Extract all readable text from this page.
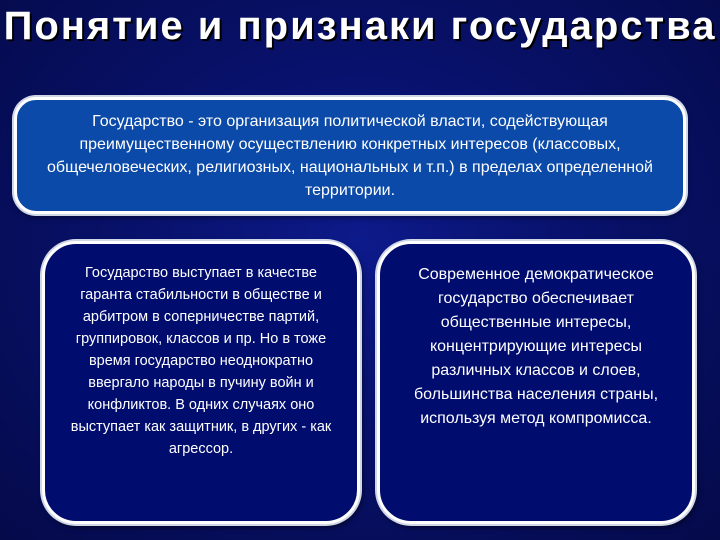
Понятие и признаки государства
Государство - это организация политической власти, содействующая преимущественному осуществлению конкретных интересов (классовых, общечеловеческих, религиозных, национальных и т.п.) в пределах определенной территории.
Государство выступает в качестве гаранта стабильности в обществе и арбитром в соперничестве партий, группировок, классов и пр. Но в тоже время государство неоднократно ввергало народы в пучину войн и конфликтов. В одних случаях оно выступает как защитник, в других - как агрессор.
Современное демократическое государство обеспечивает общественные интересы, концентрирующие интересы различных классов и слоев, большинства населения страны, используя метод компромисса.
